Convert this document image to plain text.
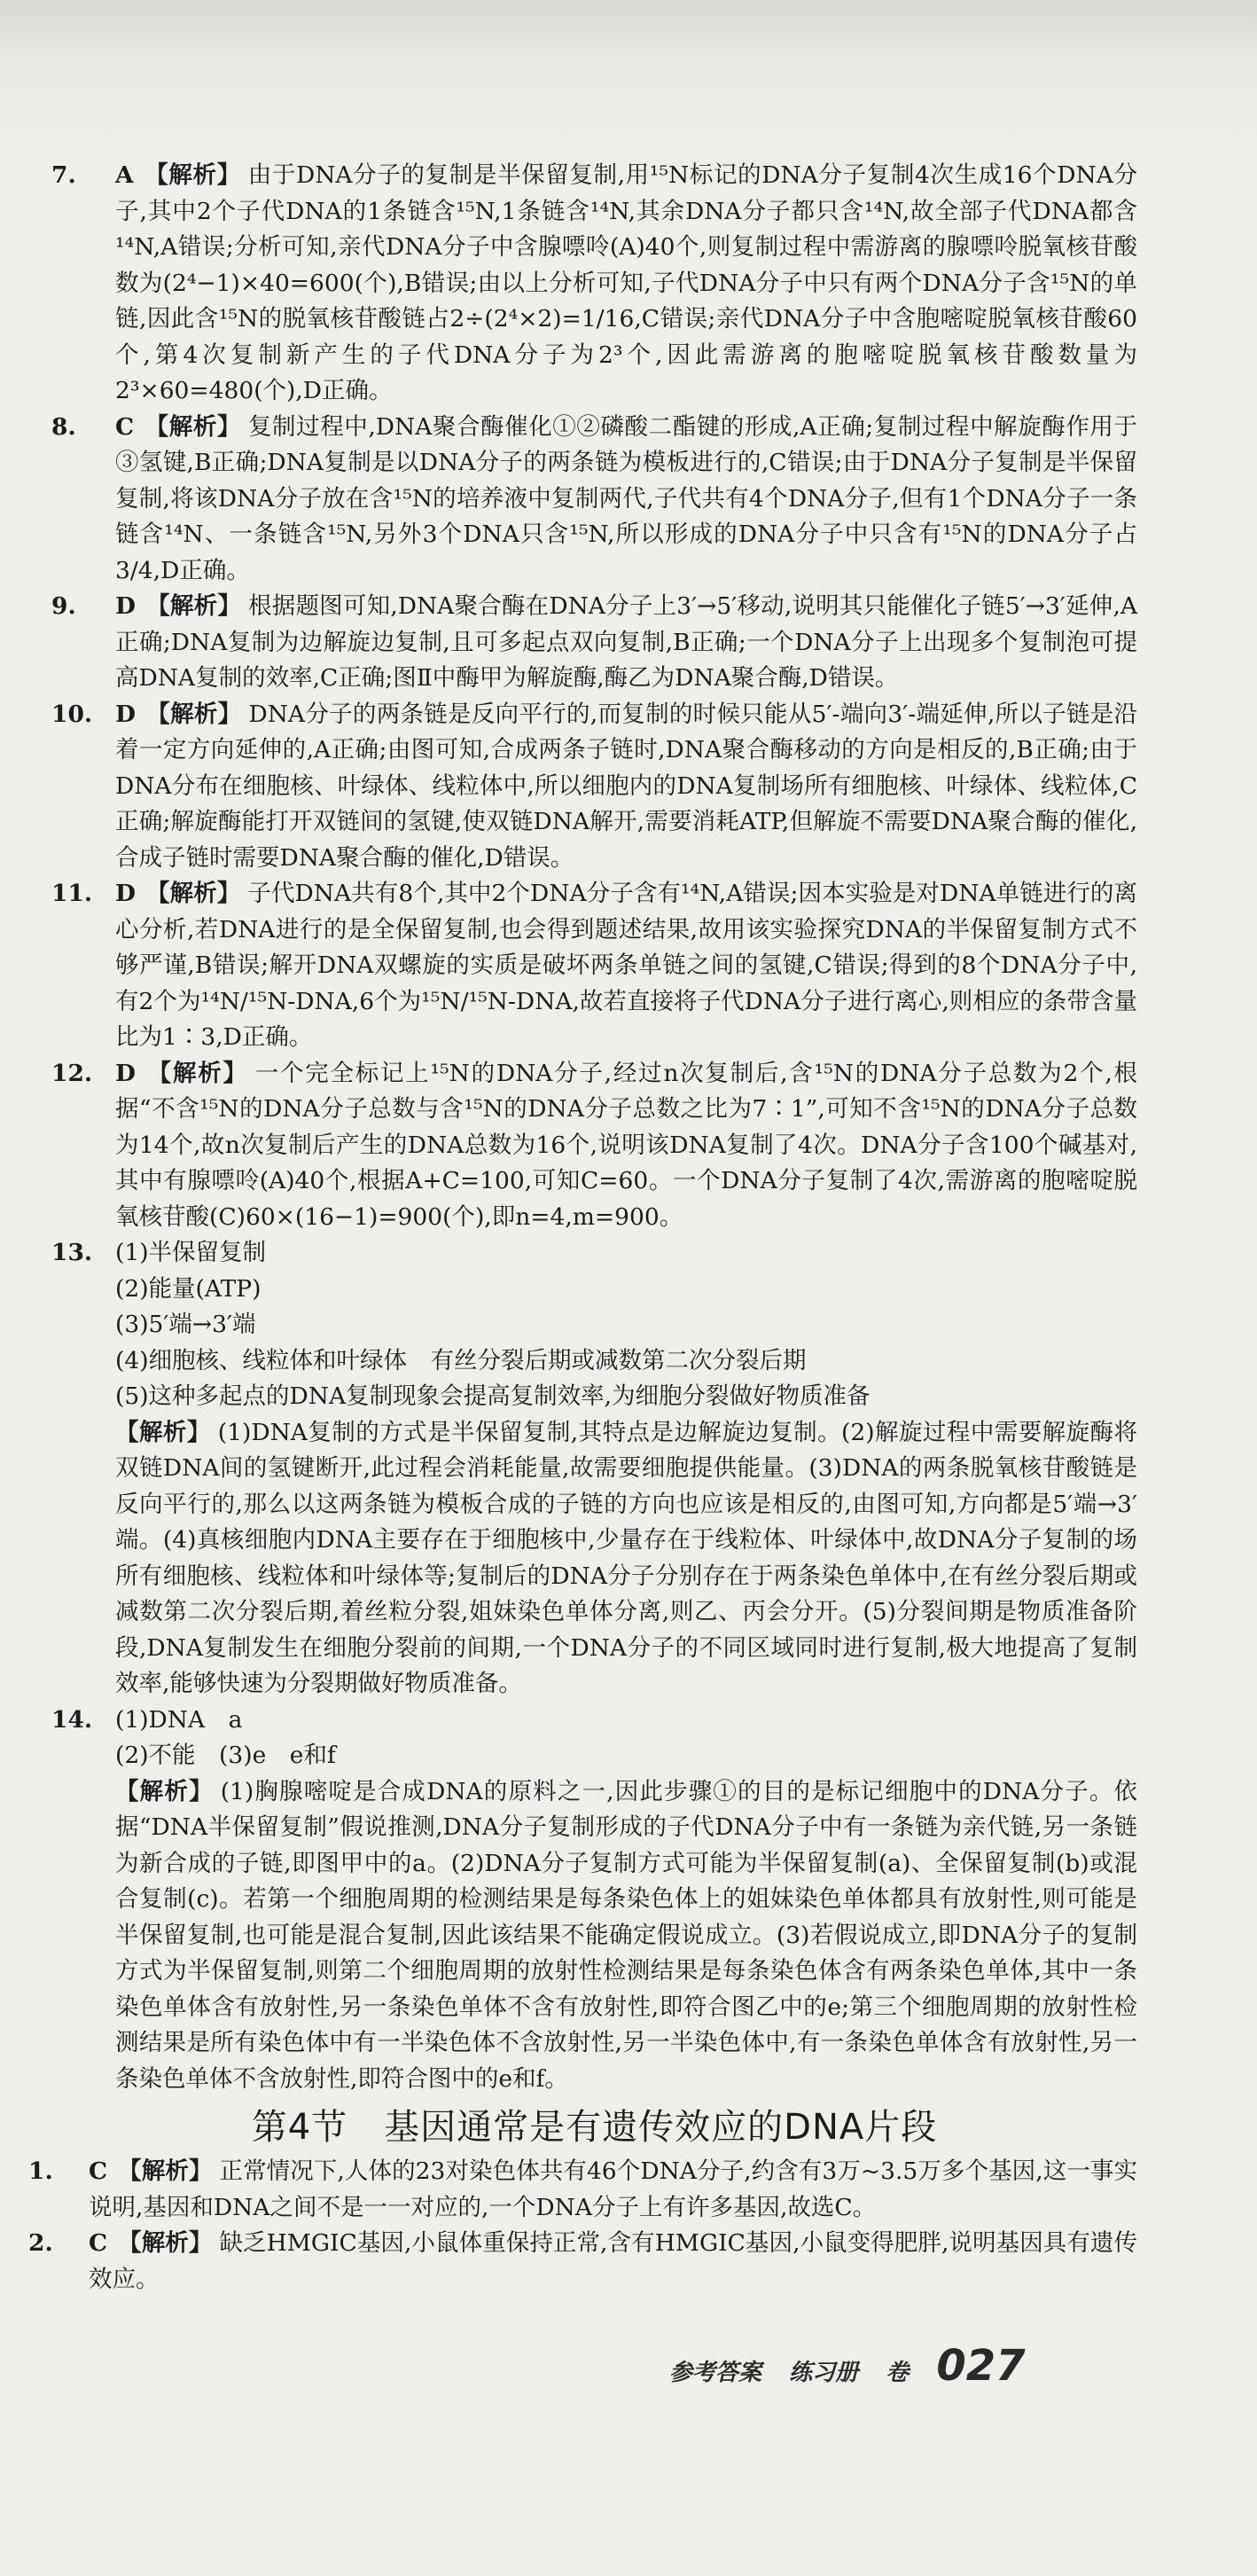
7.	A 【解析】 由于DNA分子的复制是半保留复制,用¹⁵N标记的DNA分子复制4次生成16个DNA分子,其中2个子代DNA的1条链含¹⁵N,1条链含¹⁴N,其余DNA分子都只含¹⁴N,故全部子代DNA都含¹⁴N,A错误;分析可知,亲代DNA分子中含腺嘌呤(A)40个,则复制过程中需游离的腺嘌呤脱氧核苷酸数为(2⁴−1)×40=600(个),B错误;由以上分析可知,子代DNA分子中只有两个DNA分子含¹⁵N的单链,因此含¹⁵N的脱氧核苷酸链占2÷(2⁴×2)=1/16,C错误;亲代DNA分子中含胞嘧啶脱氧核苷酸60个,第4次复制新产生的子代DNA分子为2³个,因此需游离的胞嘧啶脱氧核苷酸数量为2³×60=480(个),D正确。
8.	C 【解析】 复制过程中,DNA聚合酶催化①②磷酸二酯键的形成,A正确;复制过程中解旋酶作用于③氢键,B正确;DNA复制是以DNA分子的两条链为模板进行的,C错误;由于DNA分子复制是半保留复制,将该DNA分子放在含¹⁵N的培养液中复制两代,子代共有4个DNA分子,但有1个DNA分子一条链含¹⁴N、一条链含¹⁵N,另外3个DNA只含¹⁵N,所以形成的DNA分子中只含有¹⁵N的DNA分子占3/4,D正确。
9.	D 【解析】 根据题图可知,DNA聚合酶在DNA分子上3′→5′移动,说明其只能催化子链5′→3′延伸,A正确;DNA复制为边解旋边复制,且可多起点双向复制,B正确;一个DNA分子上出现多个复制泡可提高DNA复制的效率,C正确;图Ⅱ中酶甲为解旋酶,酶乙为DNA聚合酶,D错误。
10. D 【解析】 DNA分子的两条链是反向平行的,而复制的时候只能从5′-端向3′-端延伸,所以子链是沿着一定方向延伸的,A正确;由图可知,合成两条子链时,DNA聚合酶移动的方向是相反的,B正确;由于DNA分布在细胞核、叶绿体、线粒体中,所以细胞内的DNA复制场所有细胞核、叶绿体、线粒体,C正确;解旋酶能打开双链间的氢键,使双链DNA解开,需要消耗ATP,但解旋不需要DNA聚合酶的催化,合成子链时需要DNA聚合酶的催化,D错误。
11. D 【解析】 子代DNA共有8个,其中2个DNA分子含有¹⁴N,A错误;因本实验是对DNA单链进行的离心分析,若DNA进行的是全保留复制,也会得到题述结果,故用该实验探究DNA的半保留复制方式不够严谨,B错误;解开DNA双螺旋的实质是破坏两条单链之间的氢键,C错误;得到的8个DNA分子中,有2个为¹⁴N/¹⁵N-DNA,6个为¹⁵N/¹⁵N-DNA,故若直接将子代DNA分子进行离心,则相应的条带含量比为1∶3,D正确。
12. D 【解析】 一个完全标记上¹⁵N的DNA分子,经过n次复制后,含¹⁵N的DNA分子总数为2个,根据“不含¹⁵N的DNA分子总数与含¹⁵N的DNA分子总数之比为7∶1”,可知不含¹⁵N的DNA分子总数为14个,故n次复制后产生的DNA总数为16个,说明该DNA复制了4次。DNA分子含100个碱基对,其中有腺嘌呤(A)40个,根据A+C=100,可知C=60。一个DNA分子复制了4次,需游离的胞嘧啶脱氧核苷酸(C)60×(16−1)=900(个),即n=4,m=900。
13. (1)半保留复制
(2)能量(ATP)
(3)5′端→3′端
(4)细胞核、线粒体和叶绿体　有丝分裂后期或减数第二次分裂后期
(5)这种多起点的DNA复制现象会提高复制效率,为细胞分裂做好物质准备
【解析】 (1)DNA复制的方式是半保留复制,其特点是边解旋边复制。(2)解旋过程中需要解旋酶将双链DNA间的氢键断开,此过程会消耗能量,故需要细胞提供能量。(3)DNA的两条脱氧核苷酸链是反向平行的,那么以这两条链为模板合成的子链的方向也应该是相反的,由图可知,方向都是5′端→3′端。(4)真核细胞内DNA主要存在于细胞核中,少量存在于线粒体、叶绿体中,故DNA分子复制的场所有细胞核、线粒体和叶绿体等;复制后的DNA分子分别存在于两条染色单体中,在有丝分裂后期或减数第二次分裂后期,着丝粒分裂,姐妹染色单体分离,则乙、丙会分开。(5)分裂间期是物质准备阶段,DNA复制发生在细胞分裂前的间期,一个DNA分子的不同区域同时进行复制,极大地提高了复制效率,能够快速为分裂期做好物质准备。
14. (1)DNA　a
(2)不能　(3)e　e和f
【解析】 (1)胸腺嘧啶是合成DNA的原料之一,因此步骤①的目的是标记细胞中的DNA分子。依据“DNA半保留复制”假说推测,DNA分子复制形成的子代DNA分子中有一条链为亲代链,另一条链为新合成的子链,即图甲中的a。(2)DNA分子复制方式可能为半保留复制(a)、全保留复制(b)或混合复制(c)。若第一个细胞周期的检测结果是每条染色体上的姐妹染色单体都具有放射性,则可能是半保留复制,也可能是混合复制,因此该结果不能确定假说成立。(3)若假说成立,即DNA分子的复制方式为半保留复制,则第二个细胞周期的放射性检测结果是每条染色体含有两条染色单体,其中一条染色单体含有放射性,另一条染色单体不含有放射性,即符合图乙中的e;第三个细胞周期的放射性检测结果是所有染色体中有一半染色体不含放射性,另一半染色体中,有一条染色单体含有放射性,另一条染色单体不含放射性,即符合图中的e和f。
第4节　基因通常是有遗传效应的DNA片段
1.	C 【解析】 正常情况下,人体的23对染色体共有46个DNA分子,约含有3万~3.5万多个基因,这一事实说明,基因和DNA之间不是一一对应的,一个DNA分子上有许多基因,故选C。
2.	C 【解析】 缺乏HMGIC基因,小鼠体重保持正常,含有HMGIC基因,小鼠变得肥胖,说明基因具有遗传效应。
参考答案 练习册 卷 027
